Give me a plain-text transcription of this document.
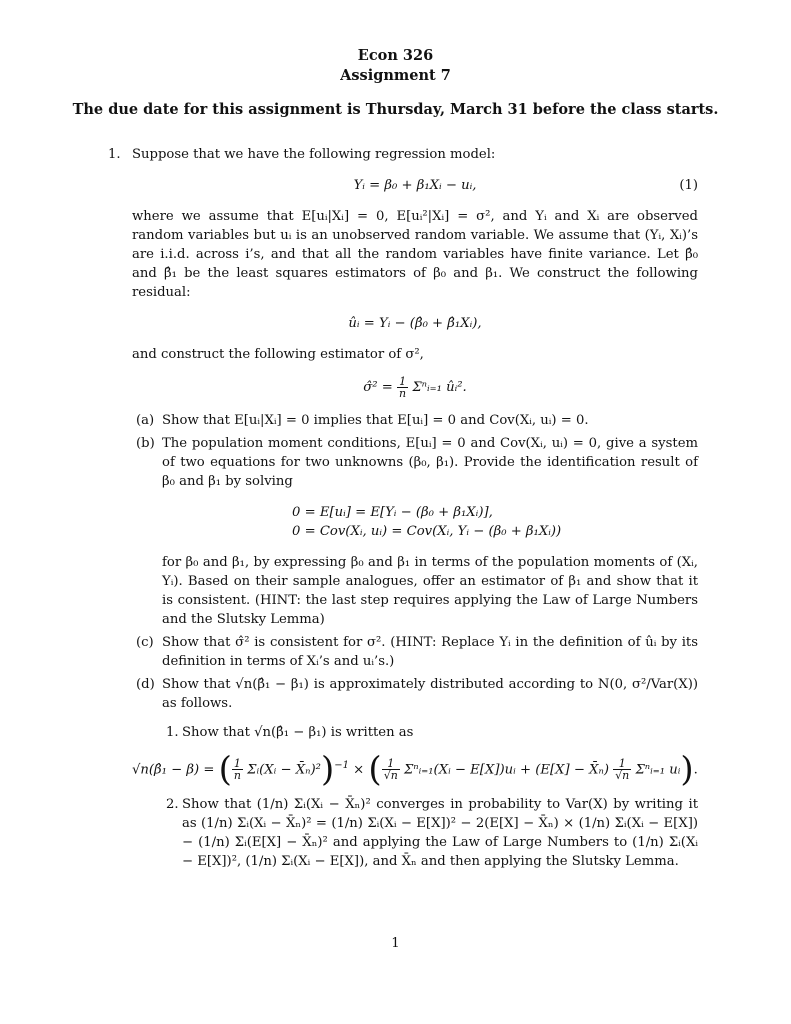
Econ 326
Assignment 7
The due date for this assignment is Thursday, March 31 before the class starts.
1. Suppose that we have the following regression model:

Yᵢ = β₀ + β₁Xᵢ − uᵢ,	(1)

where we assume that E[uᵢ|Xᵢ] = 0, E[uᵢ²|Xᵢ] = σ², and Yᵢ and Xᵢ are observed random variables but uᵢ is an unobserved random variable. We assume that (Yᵢ, Xᵢ)’s are i.i.d. across i’s, and that all the random variables have finite variance. Let β̂₀ and β̂₁ be the least squares estimators of β₀ and β₁. We construct the following residual:

ûᵢ = Yᵢ − (β̂₀ + β̂₁Xᵢ),

and construct the following estimator of σ²,

σ̂² = $\frac{1}{n}$ Σⁿᵢ₌₁ ûᵢ².
(a) Show that E[uᵢ|Xᵢ] = 0 implies that E[uᵢ] = 0 and Cov(Xᵢ, uᵢ) = 0.

(b) The population moment conditions, E[uᵢ] = 0 and Cov(Xᵢ, uᵢ) = 0, give a system of two equations for two unknowns (β₀, β₁). Provide the identification result of β₀ and β₁ by solving

0 = E[uᵢ] = E[Yᵢ − (β₀ + β₁Xᵢ)],
0 = Cov(Xᵢ, uᵢ) = Cov(Xᵢ, Yᵢ − (β₀ + β₁Xᵢ))

for β₀ and β₁, by expressing β₀ and β₁ in terms of the population moments of (Xᵢ, Yᵢ). Based on their sample analogues, offer an estimator of β₁ and show that it is consistent. (HINT: the last step requires applying the Law of Large Numbers and the Slutsky Lemma)

(c) Show that σ̂² is consistent for σ². (HINT: Replace Yᵢ in the definition of ûᵢ by its definition in terms of Xᵢ’s and uᵢ’s.)

(d) Show that √n(β̂₁ − β₁) is approximately distributed according to N(0, σ²/Var(X)) as follows.

1. Show that √n(β̂₁ − β₁) is written as

√n(β̂₁ − β) = ( $\frac{1}{n}$ Σᵢ(Xᵢ − X̄ₙ)²)$^{-1}$ × ( $\frac{1}{√n}$ Σⁿᵢ₌₁(Xᵢ − E[X])uᵢ + (E[X] − X̄ₙ) $\frac{1}{√n}$ Σⁿᵢ₌₁ uᵢ).
2. Show that (1/n) Σᵢ(Xᵢ − X̄ₙ)² converges in probability to Var(X) by writing it as (1/n) Σᵢ(Xᵢ − X̄ₙ)² = (1/n) Σᵢ(Xᵢ − E[X])² − 2(E[X] − X̄ₙ) × (1/n) Σᵢ(Xᵢ − E[X]) − (1/n) Σᵢ(E[X] − X̄ₙ)² and applying the Law of Large Numbers to (1/n) Σᵢ(Xᵢ − E[X])², (1/n) Σᵢ(Xᵢ − E[X]), and X̄ₙ and then applying the Slutsky Lemma.

1
